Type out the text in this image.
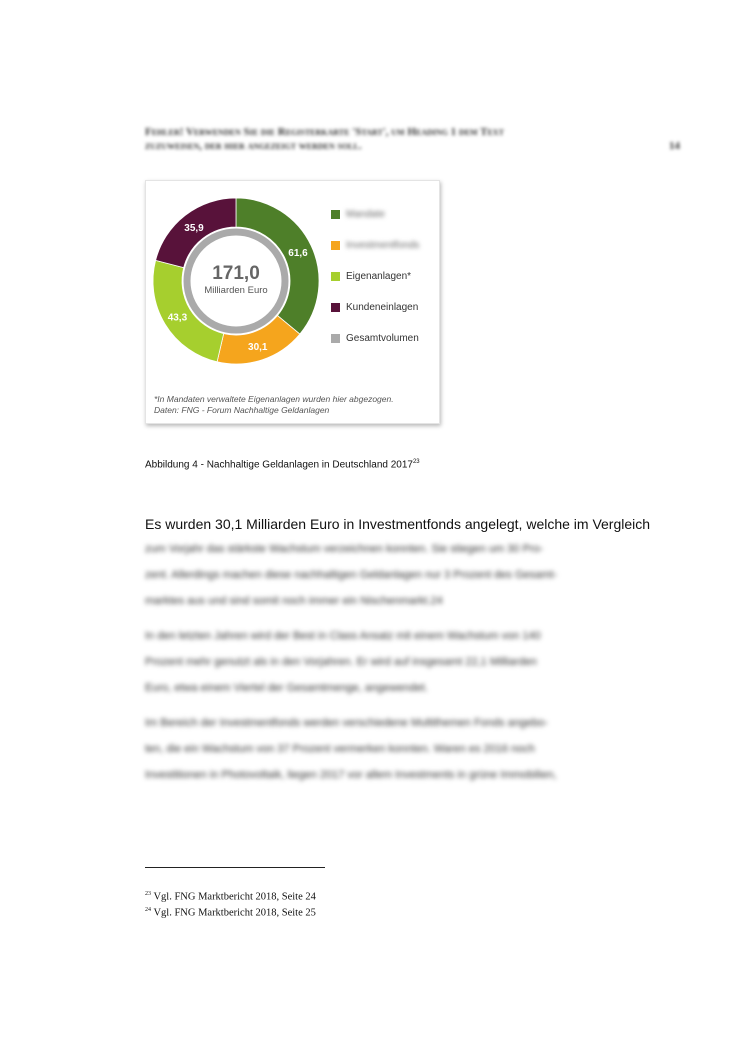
Fehler! Verwenden Sie die Registerkarte 'Start', um Heading 1 dem Text
zuzuweisen, der hier angezeigt werden soll.	14
61,6
30,1
43,3
35,9
171,0
Milliarden Euro
Mandate
Investmentfonds
Eigenanlagen*
Kundeneinlagen
Gesamtvolumen
*In Mandaten verwaltete Eigenanlagen wurden hier abgezogen.
Daten: FNG - Forum Nachhaltige Geldanlagen
Abbildung 4 - Nachhaltige Geldanlagen in Deutschland 2017$^{23}$
Es wurden 30,1 Milliarden Euro in Investmentfonds angelegt, welche im Vergleich
zum Vorjahr das stärkste Wachstum verzeichnen konnten. Sie stiegen um 30 Pro-
zent. Allerdings machen diese nachhaltigen Geldanlagen nur 3 Prozent des Gesamt-
marktes aus und sind somit noch immer ein Nischenmarkt.24
In den letzten Jahren wird der Best in Class Ansatz mit einem Wachstum von 140
Prozent mehr genutzt als in den Vorjahren. Er wird auf insgesamt 22,1 Milliarden
Euro, etwa einem Viertel der Gesamtmenge, angewendet.
Im Bereich der Investmentfonds werden verschiedene Multithemen Fonds angebo-
ten, die ein Wachstum von 37 Prozent vermerken konnten. Waren es 2016 noch
Investitionen in Photovoltaik, liegen 2017 vor allem Investments in grüne Immobilien,
$^{23}$ Vgl. FNG Marktbericht 2018, Seite 24
$^{24}$ Vgl. FNG Marktbericht 2018, Seite 25
